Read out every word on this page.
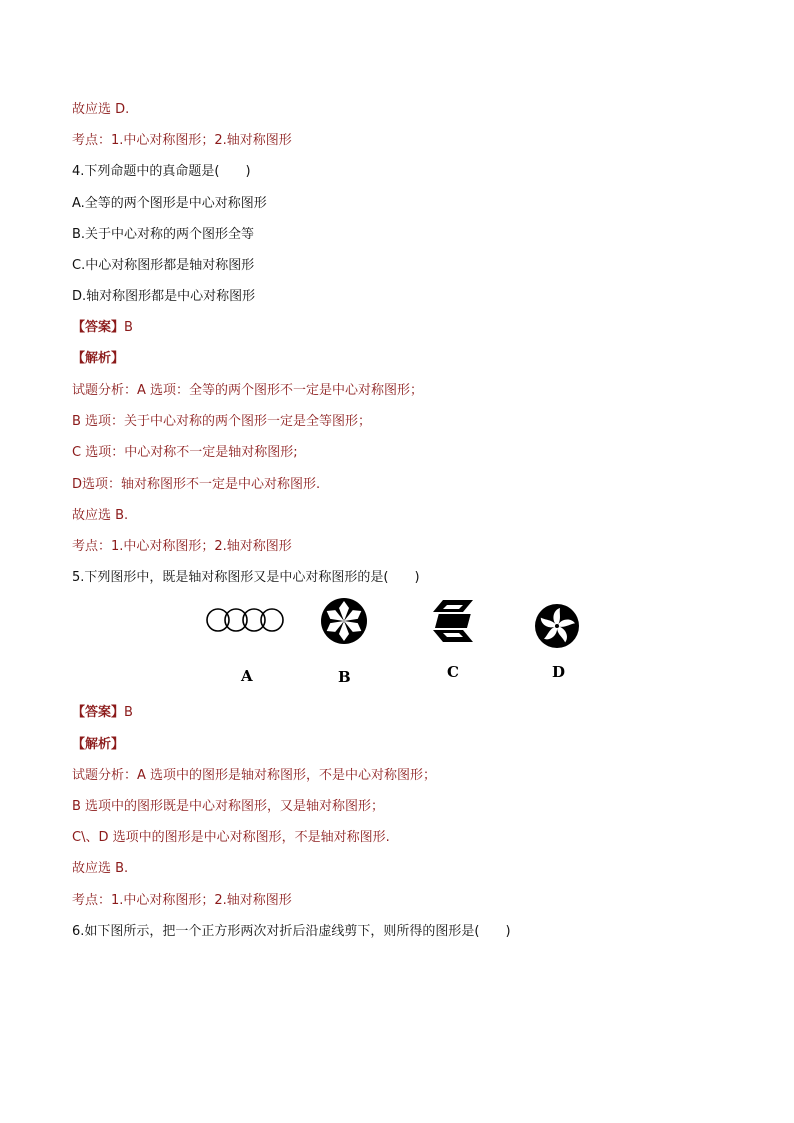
故应选 D.
考点：1.中心对称图形；2.轴对称图形
4.下列命题中的真命题是(　　)
A.全等的两个图形是中心对称图形
B.关于中心对称的两个图形全等
C.中心对称图形都是轴对称图形
D.轴对称图形都是中心对称图形
【答案】B
【解析】
试题分析：A 选项：全等的两个图形不一定是中心对称图形；
B 选项：关于中心对称的两个图形一定是全等图形；
C 选项：中心对称不一定是轴对称图形;
D选项：轴对称图形不一定是中心对称图形.
故应选 B.
考点：1.中心对称图形；2.轴对称图形
5.下列图形中，既是轴对称图形又是中心对称图形的是(　　)
A	B	C	D
【答案】B
【解析】
试题分析：A 选项中的图形是轴对称图形，不是中心对称图形；
B 选项中的图形既是中心对称图形，又是轴对称图形；
C\、D 选项中的图形是中心对称图形，不是轴对称图形.
故应选 B.
考点：1.中心对称图形；2.轴对称图形
6.如下图所示，把一个正方形两次对折后沿虚线剪下，则所得的图形是(　　)
